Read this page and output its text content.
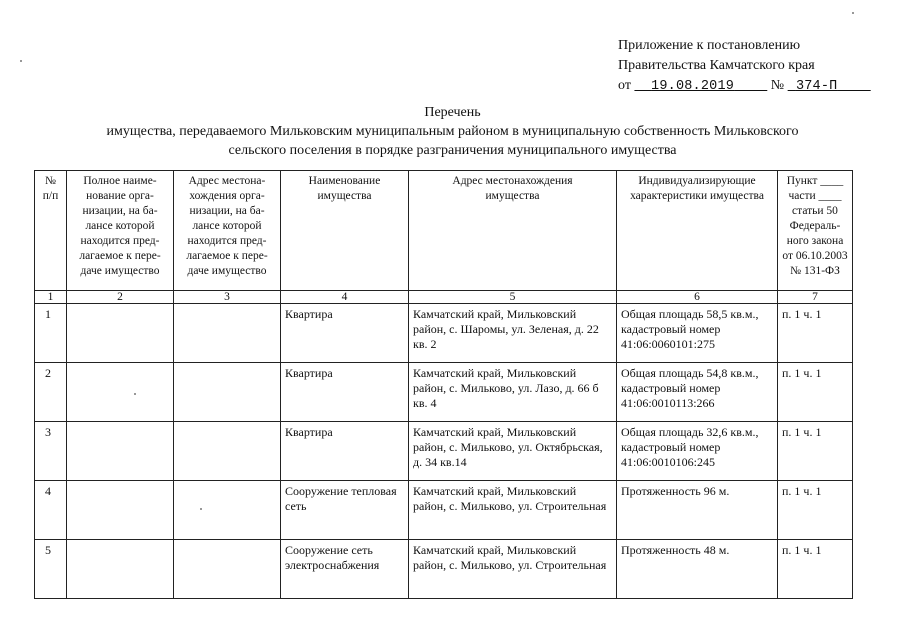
Приложение к постановлению
Правительства Камчатского края
от 19.08.2019	№ 374-П
Перечень
имущества, передаваемого Мильковским муниципальным районом в муниципальную собственность Мильковского
сельского поселения в порядке разграничения муниципального имущества
№ п/п	Полное наиме-нование орга-низации, на ба-лансе которой находится пред-лагаемое к пере-даче имущество	Адрес местона-хождения орга-низации, на ба-лансе которой находится пред-лагаемое к пере-даче имущество	Наименование имущества	Адрес местонахождения имущества	Индивидуализирующие характеристики имущества	Пункт ____ части ____ статьи 50 Федераль-ного закона от 06.10.2003 № 131-ФЗ
1	2	3	4	5	6	7
1			Квартира	Камчатский край, Мильковский район, с. Шаромы, ул. Зеленая, д. 22 кв. 2	Общая площадь 58,5 кв.м., кадастровый номер 41:06:0060101:275	п. 1 ч. 1
2			Квартира	Камчатский край, Мильковский район, с. Мильково, ул. Лазо, д. 66 б кв. 4	Общая площадь 54,8 кв.м., кадастровый номер 41:06:0010113:266	п. 1 ч. 1
3			Квартира	Камчатский край, Мильковский район, с. Мильково, ул. Октябрьская, д. 34 кв.14	Общая площадь 32,6 кв.м., кадастровый номер 41:06:0010106:245	п. 1 ч. 1
4			Сооружение тепловая сеть	Камчатский край, Мильковский район, с. Мильково, ул. Строительная	Протяженность 96 м.	п. 1 ч. 1
5			Сооружение сеть электроснабжения	Камчатский край, Мильковский район, с. Мильково, ул. Строительная	Протяженность 48 м.	п. 1 ч. 1
